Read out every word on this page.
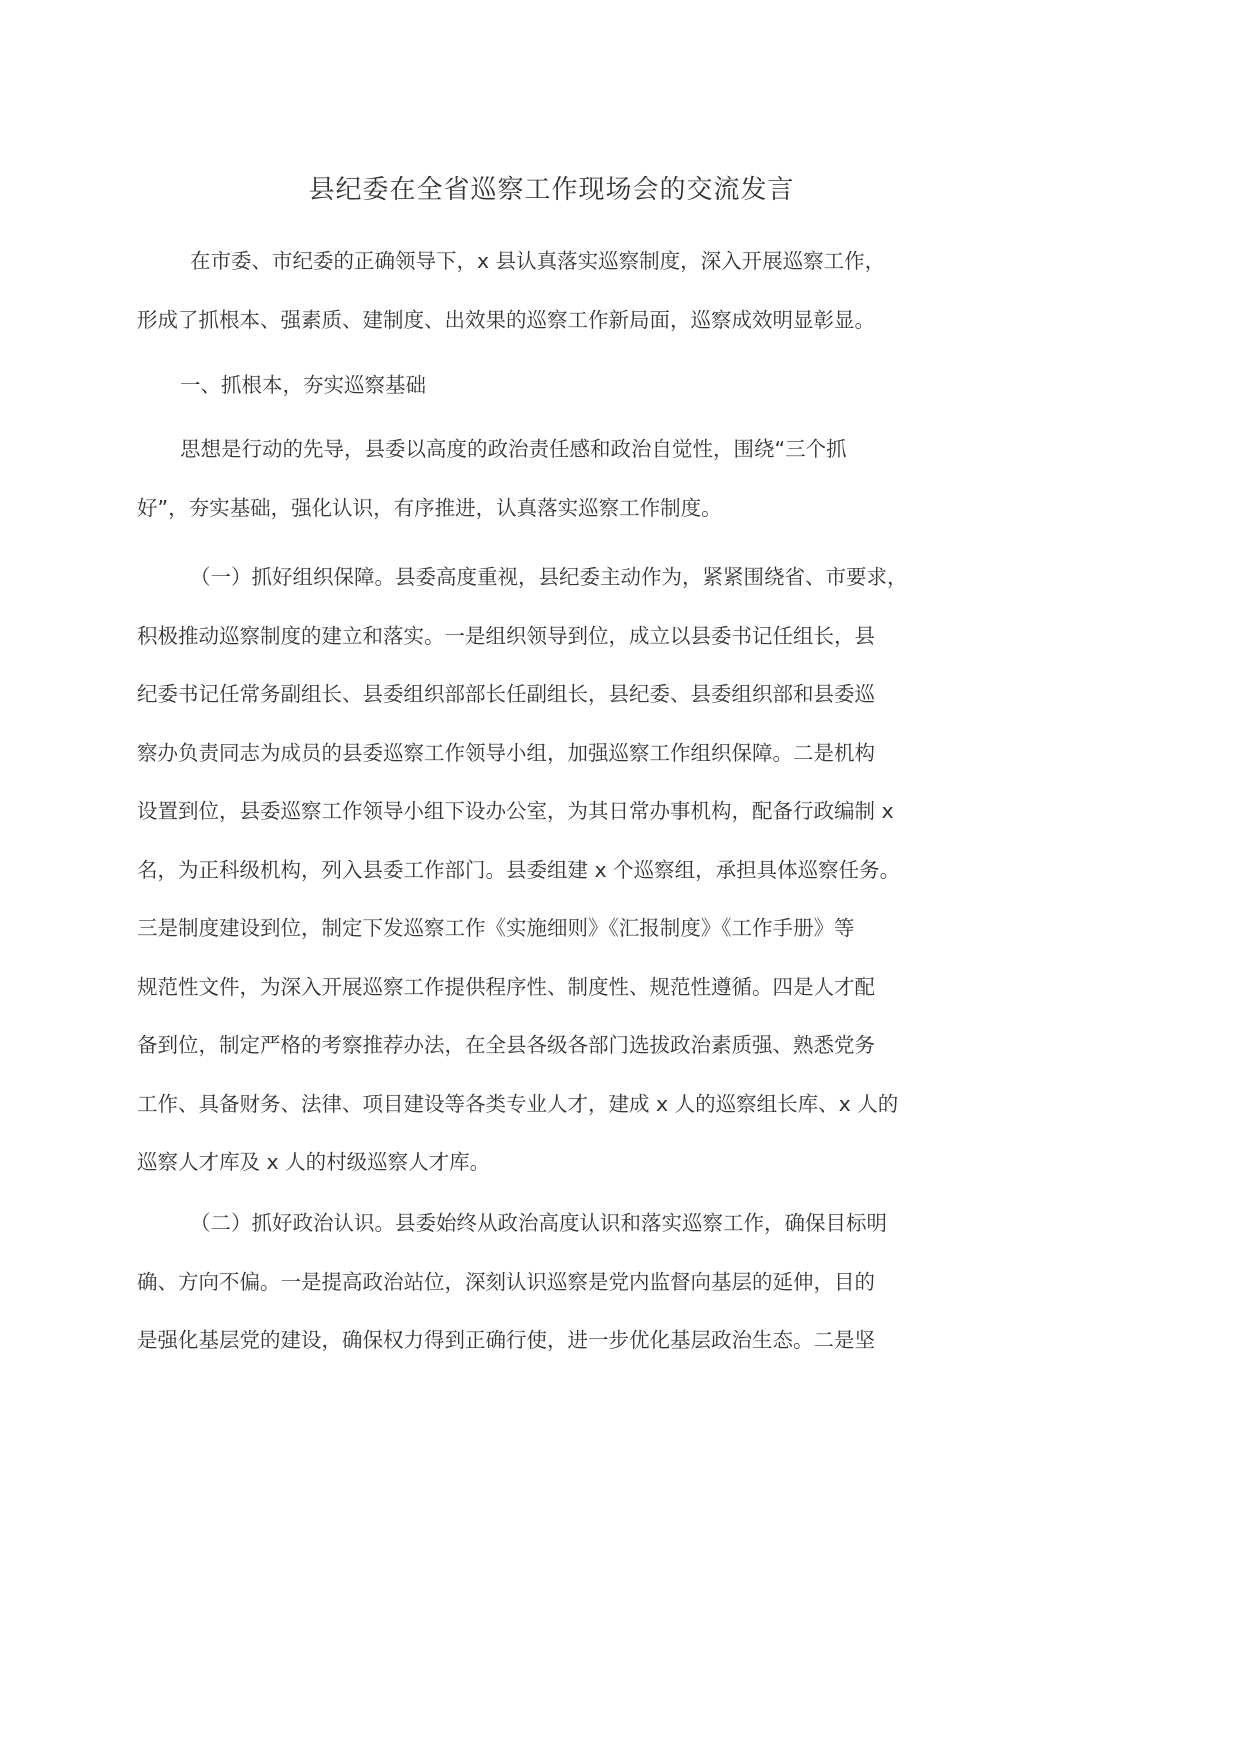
县纪委在全省巡察工作现场会的交流发言
在市委、市纪委的正确领导下，x 县认真落实巡察制度，深入开展巡察工作，
形成了抓根本、强素质、建制度、出效果的巡察工作新局面，巡察成效明显彰显。
一、抓根本，夯实巡察基础
思想是行动的先导，县委以高度的政治责任感和政治自觉性，围绕“三个抓
好”，夯实基础，强化认识，有序推进，认真落实巡察工作制度。
（一）抓好组织保障。县委高度重视，县纪委主动作为，紧紧围绕省、市要求，
积极推动巡察制度的建立和落实。一是组织领导到位，成立以县委书记任组长，县
纪委书记任常务副组长、县委组织部部长任副组长，县纪委、县委组织部和县委巡
察办负责同志为成员的县委巡察工作领导小组，加强巡察工作组织保障。二是机构
设置到位，县委巡察工作领导小组下设办公室，为其日常办事机构，配备行政编制 x
名，为正科级机构，列入县委工作部门。县委组建 x 个巡察组，承担具体巡察任务。
三是制度建设到位，制定下发巡察工作《实施细则》《汇报制度》《工作手册》等
规范性文件，为深入开展巡察工作提供程序性、制度性、规范性遵循。四是人才配
备到位，制定严格的考察推荐办法，在全县各级各部门选拔政治素质强、熟悉党务
工作、具备财务、法律、项目建设等各类专业人才，建成 x 人的巡察组长库、x 人的
巡察人才库及 x 人的村级巡察人才库。
（二）抓好政治认识。县委始终从政治高度认识和落实巡察工作，确保目标明
确、方向不偏。一是提高政治站位，深刻认识巡察是党内监督向基层的延伸，目的
是强化基层党的建设，确保权力得到正确行使，进一步优化基层政治生态。二是坚
